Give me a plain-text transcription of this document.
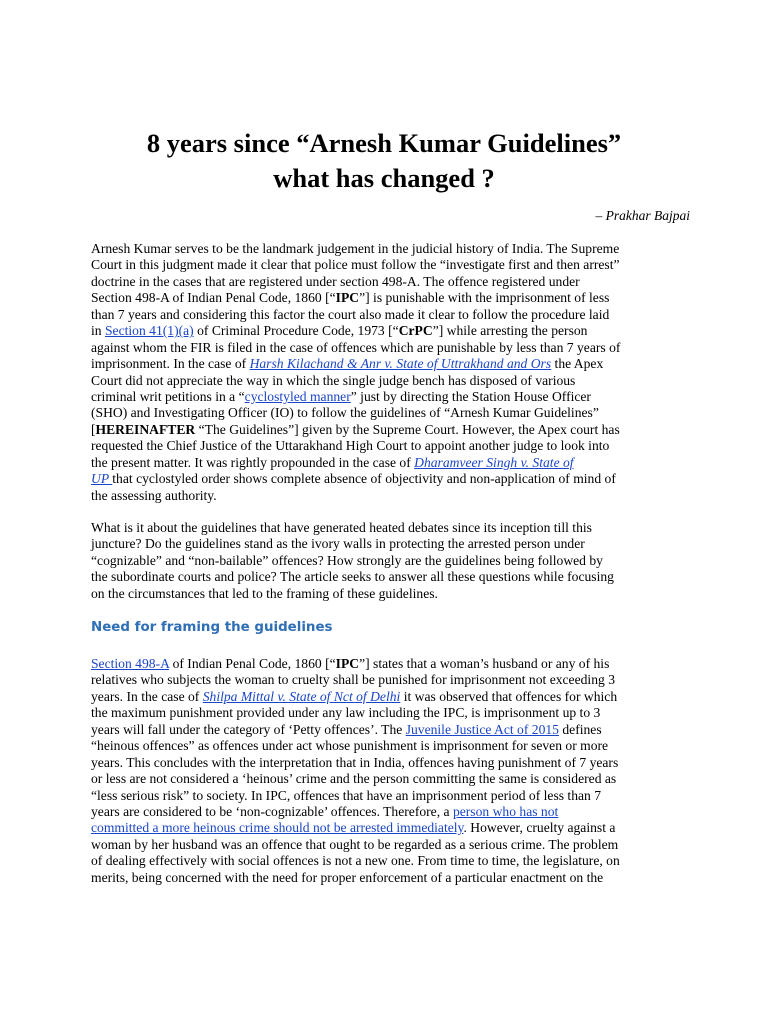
8 years since “Arnesh Kumar Guidelines”
what has changed ?

– Prakhar Bajpai

Arnesh Kumar serves to be the landmark judgement in the judicial history of India. The Supreme
Court in this judgment made it clear that police must follow the “investigate first and then arrest”
doctrine in the cases that are registered under section 498-A. The offence registered under
Section 498-A of Indian Penal Code, 1860 [“IPC”] is punishable with the imprisonment of less
than 7 years and considering this factor the court also made it clear to follow the procedure laid
in Section 41(1)(a) of Criminal Procedure Code, 1973 [“CrPC”] while arresting the person
against whom the FIR is filed in the case of offences which are punishable by less than 7 years of
imprisonment. In the case of Harsh Kilachand & Anr v. State of Uttrakhand and Ors the Apex
Court did not appreciate the way in which the single judge bench has disposed of various
criminal writ petitions in a “cyclostyled manner” just by directing the Station House Officer
(SHO) and Investigating Officer (IO) to follow the guidelines of “Arnesh Kumar Guidelines”
[HEREINAFTER “The Guidelines”] given by the Supreme Court. However, the Apex court has
requested the Chief Justice of the Uttarakhand High Court to appoint another judge to look into
the present matter. It was rightly propounded in the case of Dharamveer Singh v. State of
UP that cyclostyled order shows complete absence of objectivity and non-application of mind of
the assessing authority.

What is it about the guidelines that have generated heated debates since its inception till this
juncture? Do the guidelines stand as the ivory walls in protecting the arrested person under
“cognizable” and “non-bailable” offences? How strongly are the guidelines being followed by
the subordinate courts and police? The article seeks to answer all these questions while focusing
on the circumstances that led to the framing of these guidelines.

Need for framing the guidelines

Section 498-A of Indian Penal Code, 1860 [“IPC”] states that a woman’s husband or any of his
relatives who subjects the woman to cruelty shall be punished for imprisonment not exceeding 3
years. In the case of Shilpa Mittal v. State of Nct of Delhi it was observed that offences for which
the maximum punishment provided under any law including the IPC, is imprisonment up to 3
years will fall under the category of ‘Petty offences’. The Juvenile Justice Act of 2015 defines
“heinous offences” as offences under act whose punishment is imprisonment for seven or more
years. This concludes with the interpretation that in India, offences having punishment of 7 years
or less are not considered a ‘heinous’ crime and the person committing the same is considered as
“less serious risk” to society. In IPC, offences that have an imprisonment period of less than 7
years are considered to be ‘non-cognizable’ offences. Therefore, a person who has not
committed a more heinous crime should not be arrested immediately. However, cruelty against a
woman by her husband was an offence that ought to be regarded as a serious crime. The problem
of dealing effectively with social offences is not a new one. From time to time, the legislature, on
merits, being concerned with the need for proper enforcement of a particular enactment on the
